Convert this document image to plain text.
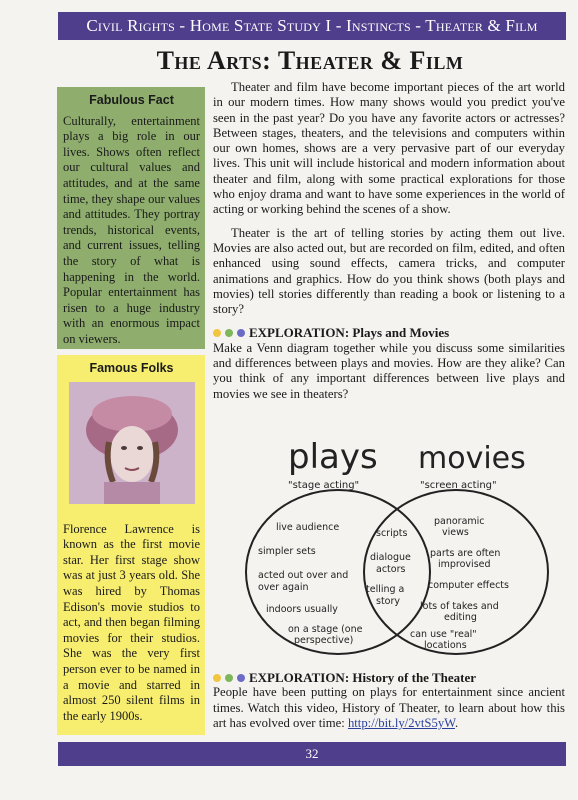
Civil Rights - Home State Study I - Instincts - Theater & Film
The Arts: Theater & Film
Fabulous Fact
Culturally, entertainment plays a big role in our lives. Shows often reflect our cultural values and attitudes, and at the same time, they shape our values and attitudes. They portray trends, historical events, and current issues, telling the story of what is happening in the world. Popular entertainment has risen to a huge industry with an enormous impact on viewers.
Famous Folks
Florence Lawrence is known as the first movie star. Her first stage show was at just 3 years old. She was hired by Thomas Edison's movie studios to act, and then began filming movies for their studios. She was the very first person ever to be named in a movie and starred in almost 250 silent films in the early 1900s.

Theater and film have become important pieces of the art world in our modern times. How many shows would you predict you've seen in the past year? Do you have any favorite actors or actresses? Between stages, theaters, and the televisions and computers within our own homes, shows are a very pervasive part of our everyday lives. This unit will include historical and modern information about theater and film, along with some practical explorations for those who enjoy drama and want to have some experiences in the world of acting or working behind the scenes of a show.

Theater is the art of telling stories by acting them out live. Movies are also acted out, but are recorded on film, edited, and often enhanced using sound effects, camera tricks, and computer animations and graphics. How do you think shows (both plays and movies) tell stories differently than reading a book or listening to a story?

EXPLORATION: Plays and Movies
Make a Venn diagram together while you discuss some similarities and differences between plays and movies. How are they alike? Can you think of any important differences between live plays and movies we see in theaters?
plays
"stage acting"
movies
"screen acting"
live audience
simpler sets
acted out over and
over again
indoors usually
on a stage (one
perspective)
scripts
dialogue
actors
telling a
story
panoramic
views
parts are often
improvised
computer effects
lots of takes and
editing
can use "real"
locations
EXPLORATION: History of the Theater
People have been putting on plays for entertainment since ancient times. Watch this video, History of Theater, to learn about how this art has evolved over time: http://bit.ly/2vtS5yW.
32
